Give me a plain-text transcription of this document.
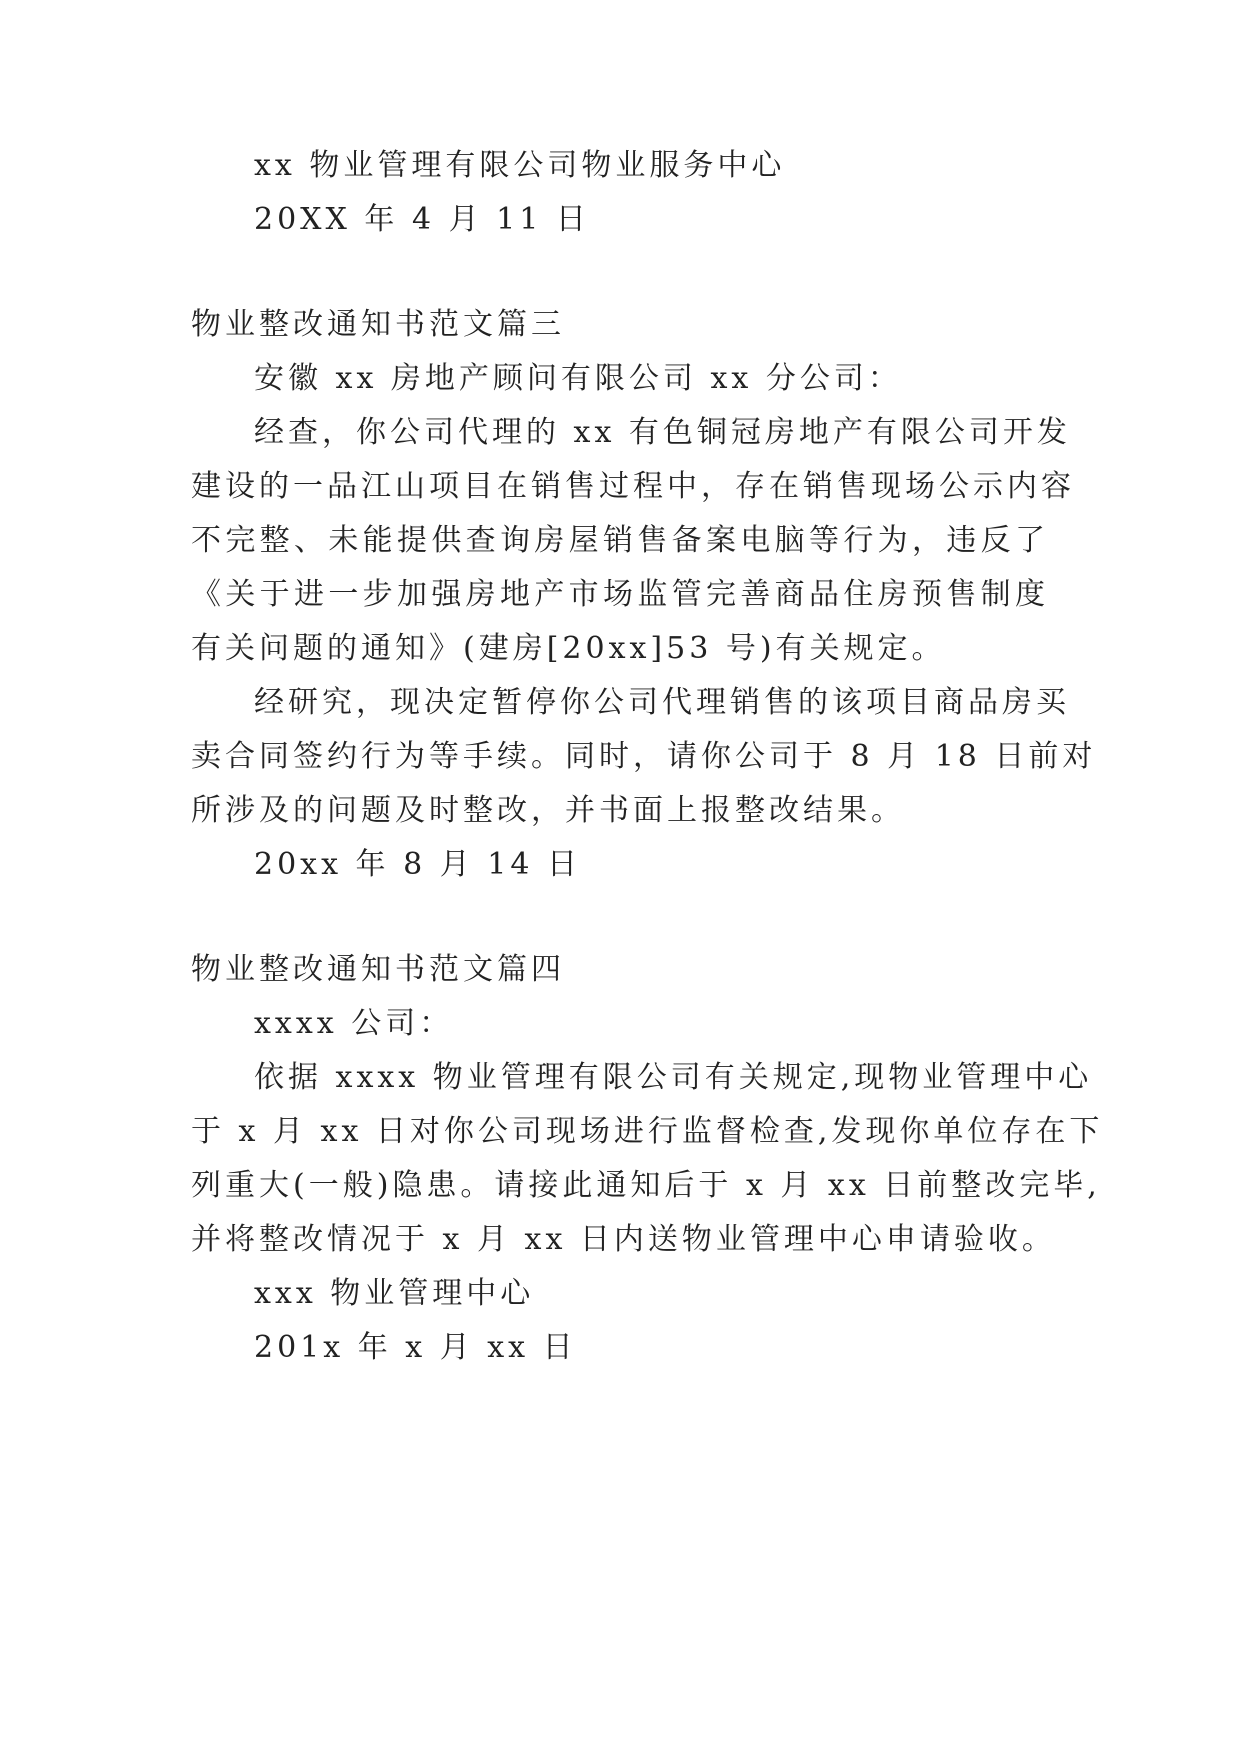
xx 物业管理有限公司物业服务中心
20XX 年 4 月 11 日
物业整改通知书范文篇三
安徽 xx 房地产顾问有限公司 xx 分公司：
经查，你公司代理的 xx 有色铜冠房地产有限公司开发
建设的一品江山项目在销售过程中，存在销售现场公示内容
不完整、未能提供查询房屋销售备案电脑等行为，违反了
《关于进一步加强房地产市场监管完善商品住房预售制度
有关问题的通知》(建房[20xx]53 号)有关规定。
经研究，现决定暂停你公司代理销售的该项目商品房买
卖合同签约行为等手续。同时，请你公司于 8 月 18 日前对
所涉及的问题及时整改，并书面上报整改结果。
20xx 年 8 月 14 日
物业整改通知书范文篇四
xxxx 公司：
依据 xxxx 物业管理有限公司有关规定,现物业管理中心
于 x 月 xx 日对你公司现场进行监督检查,发现你单位存在下
列重大(一般)隐患。请接此通知后于 x 月 xx 日前整改完毕,
并将整改情况于 x 月 xx 日内送物业管理中心申请验收。
xxx 物业管理中心
201x 年 x 月 xx 日
